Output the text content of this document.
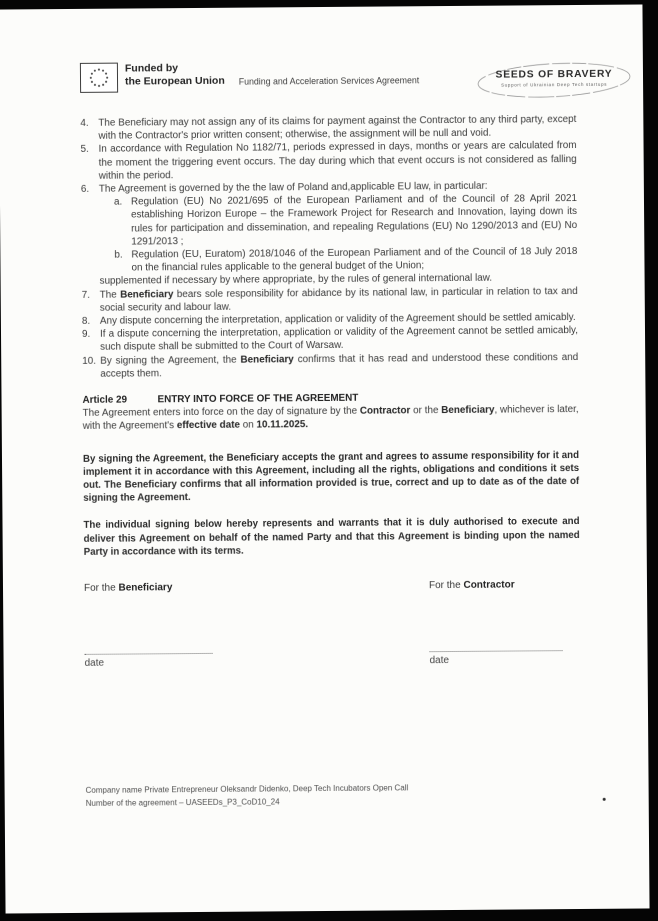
Funded by
the European Union Funding and Acceleration Services Agreement
SEEDS OF BRAVERY
Support of Ukrainian Deep Tech startups
4. The Beneficiary may not assign any of its claims for payment against the Contractor to any third party, except with the Contractor's prior written consent; otherwise, the assignment will be null and void.
5. In accordance with Regulation No 1182/71, periods expressed in days, months or years are calculated from the moment the triggering event occurs. The day during which that event occurs is not considered as falling within the period.
6. The Agreement is governed by the the law of Poland and,applicable EU law, in particular:
a. Regulation (EU) No 2021/695 of the European Parliament and of the Council of 28 April 2021 establishing Horizon Europe – the Framework Project for Research and Innovation, laying down its rules for participation and dissemination, and repealing Regulations (EU) No 1290/2013 and (EU) No 1291/2013 ;
b. Regulation (EU, Euratom) 2018/1046 of the European Parliament and of the Council of 18 July 2018 on the financial rules applicable to the general budget of the Union;
supplemented if necessary by where appropriate, by the rules of general international law.
7. The Beneficiary bears sole responsibility for abidance by its national law, in particular in relation to tax and social security and labour law.
8. Any dispute concerning the interpretation, application or validity of the Agreement should be settled amicably.
9. If a dispute concerning the interpretation, application or validity of the Agreement cannot be settled amicably, such dispute shall be submitted to the Court of Warsaw.
10. By signing the Agreement, the Beneficiary confirms that it has read and understood these conditions and accepts them.
Article 29	ENTRY INTO FORCE OF THE AGREEMENT
The Agreement enters into force on the day of signature by the Contractor or the Beneficiary, whichever is later, with the Agreement's effective date on 10.11.2025.

By signing the Agreement, the Beneficiary accepts the grant and agrees to assume responsibility for it and implement it in accordance with this Agreement, including all the rights, obligations and conditions it sets out. The Beneficiary confirms that all information provided is true, correct and up to date as of the date of signing the Agreement.

The individual signing below hereby represents and warrants that it is duly authorised to execute and deliver this Agreement on behalf of the named Party and that this Agreement is binding upon the named Party in accordance with its terms.

For the Beneficiary
date
For the Contractor
date
Company name Private Entrepreneur Oleksandr Didenko, Deep Tech Incubators Open Call
Number of the agreement – UASEEDs_P3_CoD10_24
